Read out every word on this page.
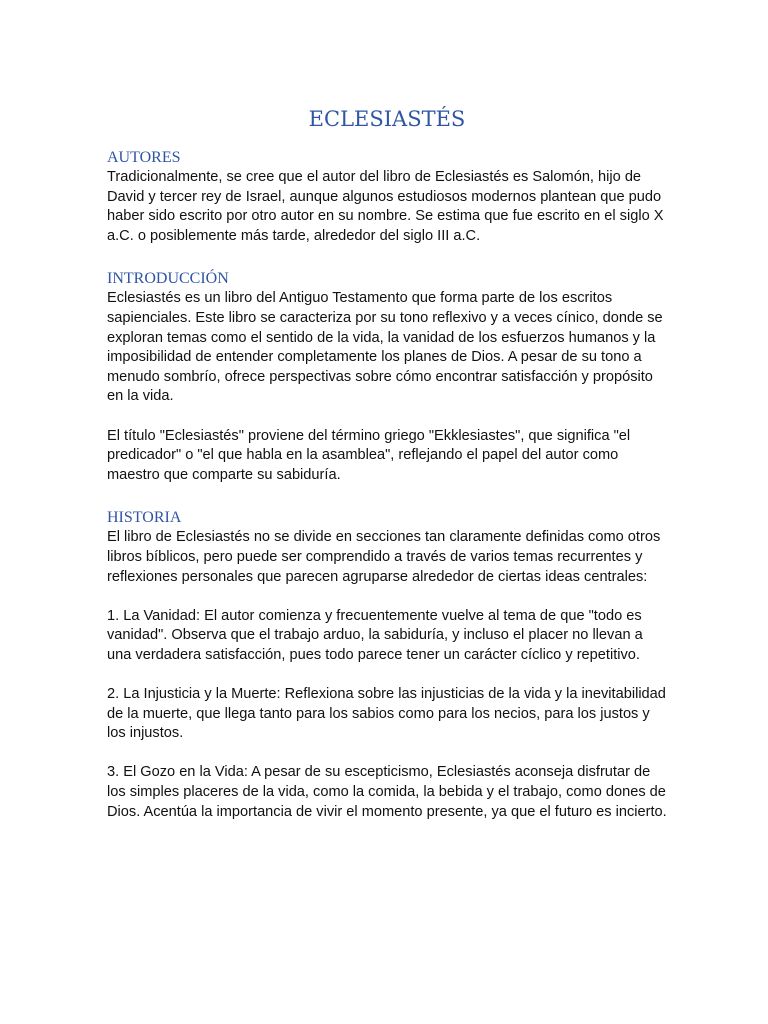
ECLESIASTÉS
AUTORES

Tradicionalmente, se cree que el autor del libro de Eclesiastés es Salomón, hijo de David y tercer rey de Israel, aunque algunos estudiosos modernos plantean que pudo haber sido escrito por otro autor en su nombre. Se estima que fue escrito en el siglo X a.C. o posiblemente más tarde, alrededor del siglo III a.C.

INTRODUCCIÓN

Eclesiastés es un libro del Antiguo Testamento que forma parte de los escritos sapienciales. Este libro se caracteriza por su tono reflexivo y a veces cínico, donde se exploran temas como el sentido de la vida, la vanidad de los esfuerzos humanos y la imposibilidad de entender completamente los planes de Dios. A pesar de su tono a menudo sombrío, ofrece perspectivas sobre cómo encontrar satisfacción y propósito en la vida.

El título "Eclesiastés" proviene del término griego "Ekklesiastes", que significa "el predicador" o "el que habla en la asamblea", reflejando el papel del autor como maestro que comparte su sabiduría.

HISTORIA

El libro de Eclesiastés no se divide en secciones tan claramente definidas como otros libros bíblicos, pero puede ser comprendido a través de varios temas recurrentes y reflexiones personales que parecen agruparse alrededor de ciertas ideas centrales:

1. La Vanidad: El autor comienza y frecuentemente vuelve al tema de que "todo es vanidad". Observa que el trabajo arduo, la sabiduría, y incluso el placer no llevan a una verdadera satisfacción, pues todo parece tener un carácter cíclico y repetitivo.

2. La Injusticia y la Muerte: Reflexiona sobre las injusticias de la vida y la inevitabilidad de la muerte, que llega tanto para los sabios como para los necios, para los justos y los injustos.

3. El Gozo en la Vida: A pesar de su escepticismo, Eclesiastés aconseja disfrutar de los simples placeres de la vida, como la comida, la bebida y el trabajo, como dones de Dios. Acentúa la importancia de vivir el momento presente, ya que el futuro es incierto.
